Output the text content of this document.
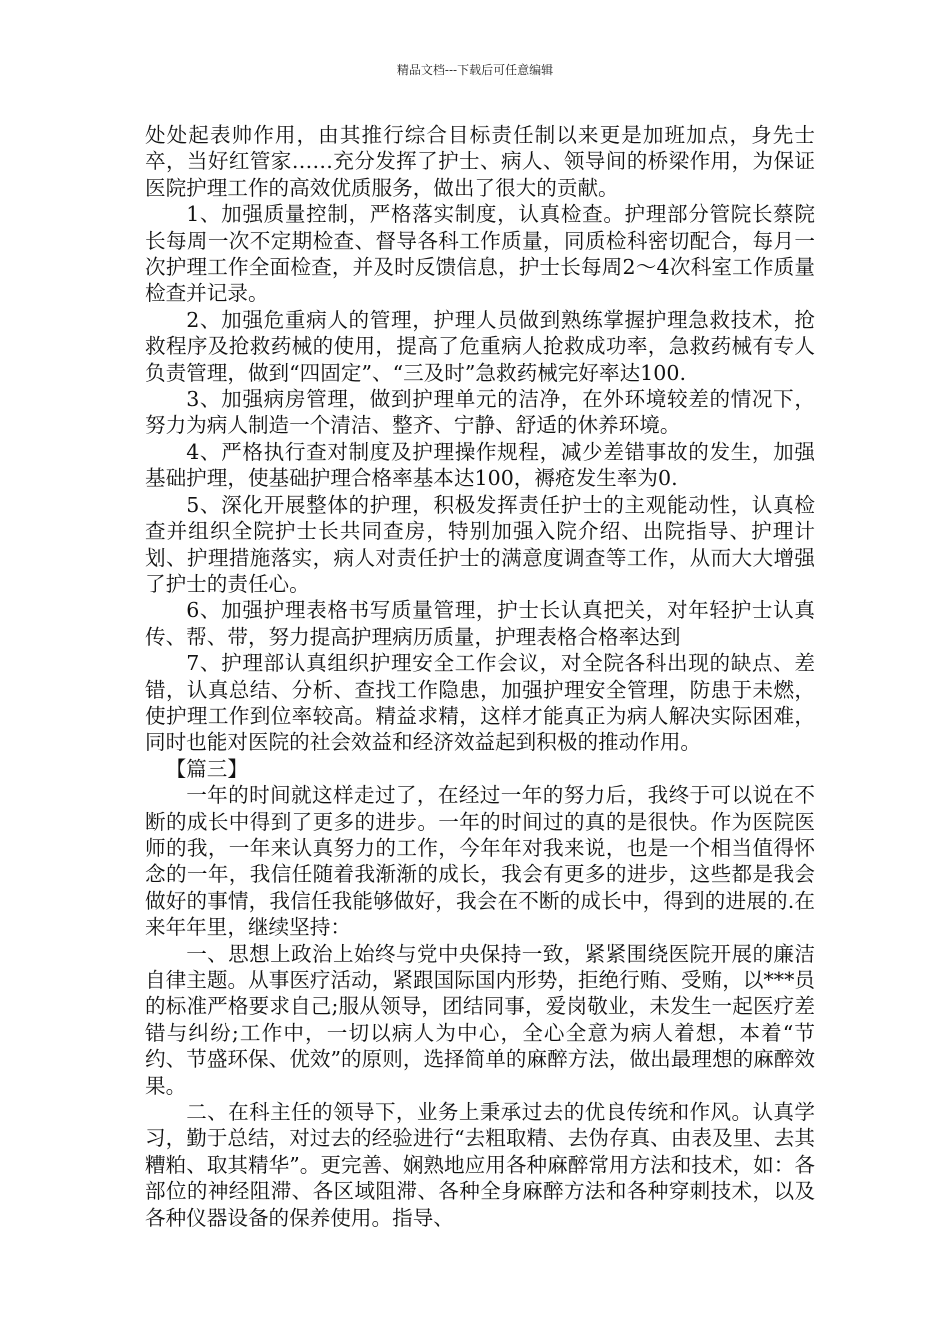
精品文档---下载后可任意编辑

处处起表帅作用，由其推行综合目标责任制以来更是加班加点，身先士卒，当好红管家……充分发挥了护士、病人、领导间的桥梁作用，为保证医院护理工作的高效优质服务，做出了很大的贡献。

1、加强质量控制，严格落实制度，认真检查。护理部分管院长蔡院长每周一次不定期检查、督导各科工作质量，同质检科密切配合，每月一次护理工作全面检查，并及时反馈信息，护士长每周2～4次科室工作质量检查并记录。

2、加强危重病人的管理，护理人员做到熟练掌握护理急救技术，抢救程序及抢救药械的使用，提高了危重病人抢救成功率，急救药械有专人负责管理，做到“四固定”、“三及时”急救药械完好率达100.

3、加强病房管理，做到护理单元的洁净，在外环境较差的情况下，努力为病人制造一个清洁、整齐、宁静、舒适的休养环境。

4、严格执行查对制度及护理操作规程，减少差错事故的发生，加强基础护理，使基础护理合格率基本达100，褥疮发生率为0.

5、深化开展整体的护理，积极发挥责任护士的主观能动性，认真检查并组织全院护士长共同查房，特别加强入院介绍、出院指导、护理计划、护理措施落实，病人对责任护士的满意度调查等工作，从而大大增强了护士的责任心。

6、加强护理表格书写质量管理，护士长认真把关，对年轻护士认真传、帮、带，努力提高护理病历质量，护理表格合格率达到

7、护理部认真组织护理安全工作会议，对全院各科出现的缺点、差错，认真总结、分析、查找工作隐患，加强护理安全管理，防患于未燃，使护理工作到位率较高。精益求精，这样才能真正为病人解决实际困难，同时也能对医院的社会效益和经济效益起到积极的推动作用。

【篇三】

一年的时间就这样走过了，在经过一年的努力后，我终于可以说在不断的成长中得到了更多的进步。一年的时间过的真的是很快。作为医院医师的我，一年来认真努力的工作，今年年对我来说，也是一个相当值得怀念的一年，我信任随着我渐渐的成长，我会有更多的进步，这些都是我会做好的事情，我信任我能够做好，我会在不断的成长中，得到的进展的.在来年年里，继续坚持：

一、思想上政治上始终与党中央保持一致，紧紧围绕医院开展的廉洁自律主题。从事医疗活动，紧跟国际国内形势，拒绝行贿、受贿，以***员的标准严格要求自己;服从领导，团结同事，爱岗敬业，未发生一起医疗差错与纠纷;工作中，一切以病人为中心，全心全意为病人着想，本着“节约、节盛环保、优效”的原则，选择简单的麻醉方法，做出最理想的麻醉效果。

二、在科主任的领导下，业务上秉承过去的优良传统和作风。认真学习，勤于总结，对过去的经验进行“去粗取精、去伪存真、由表及里、去其糟粕、取其精华”。更完善、娴熟地应用各种麻醉常用方法和技术，如：各部位的神经阻滞、各区域阻滞、各种全身麻醉方法和各种穿刺技术，以及各种仪器设备的保养使用。指导、
